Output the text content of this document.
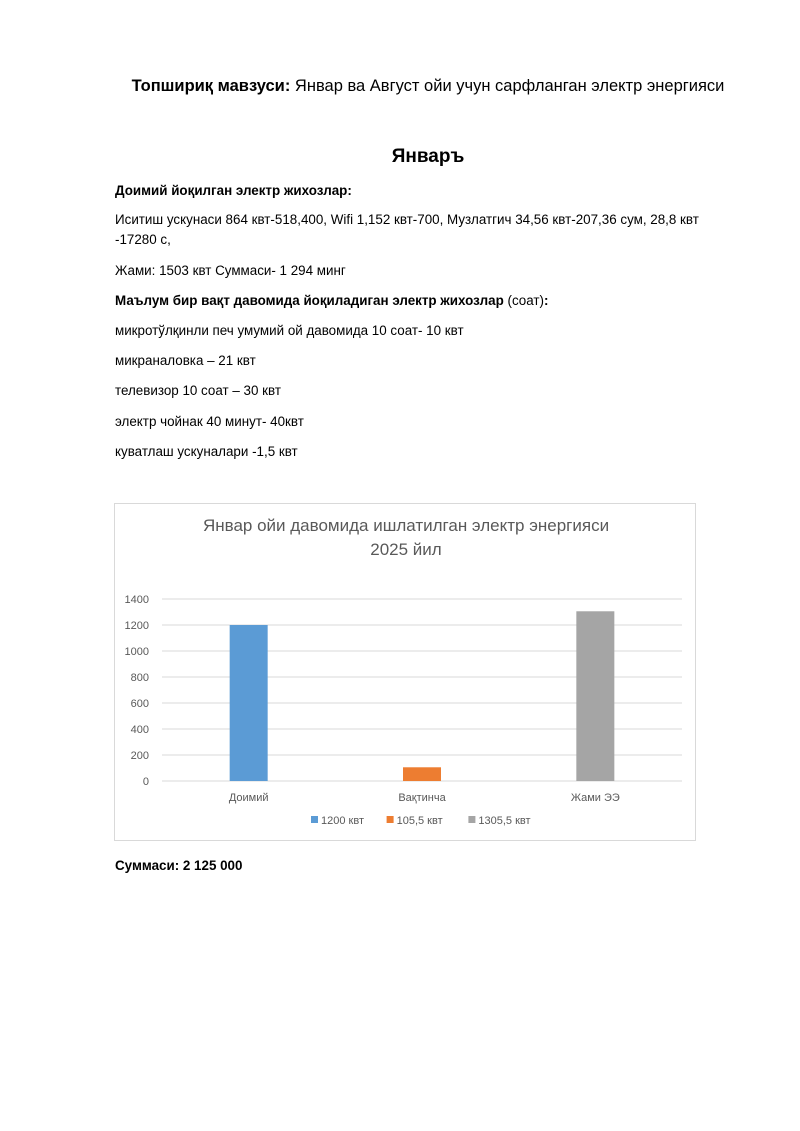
Топшириқ мавзуси: Январ ва Август ойи учун сарфланган электр энергияси
Январъ
Доимий йоқилган электр жихозлар:
Иситиш ускунаси 864 квт-518,400, Wifi 1,152 квт-700, Музлатгич 34,56 квт-207,36 сум, 28,8 квт -17280 с,
Жами: 1503 квт Суммаси- 1 294 минг
Маълум бир вақт давомида йоқиладиган электр жихозлар (соат):
микротўлқинли печ умумий ой давомида 10 соат- 10 квт
микраналовка – 21 квт
телевизор 10 соат – 30 квт
электр чойнак 40 минут- 40квт
куватлаш ускуналари -1,5 квт
Январ ойи давомида ишлатилган электр энергияси
2025 йил
0
200
400
600
800
1000
1200
1400
Доимий	Вақтинча	Жами ЭЭ
1200 квт	105,5 квт	1305,5 квт
Суммаси: 2 125 000
